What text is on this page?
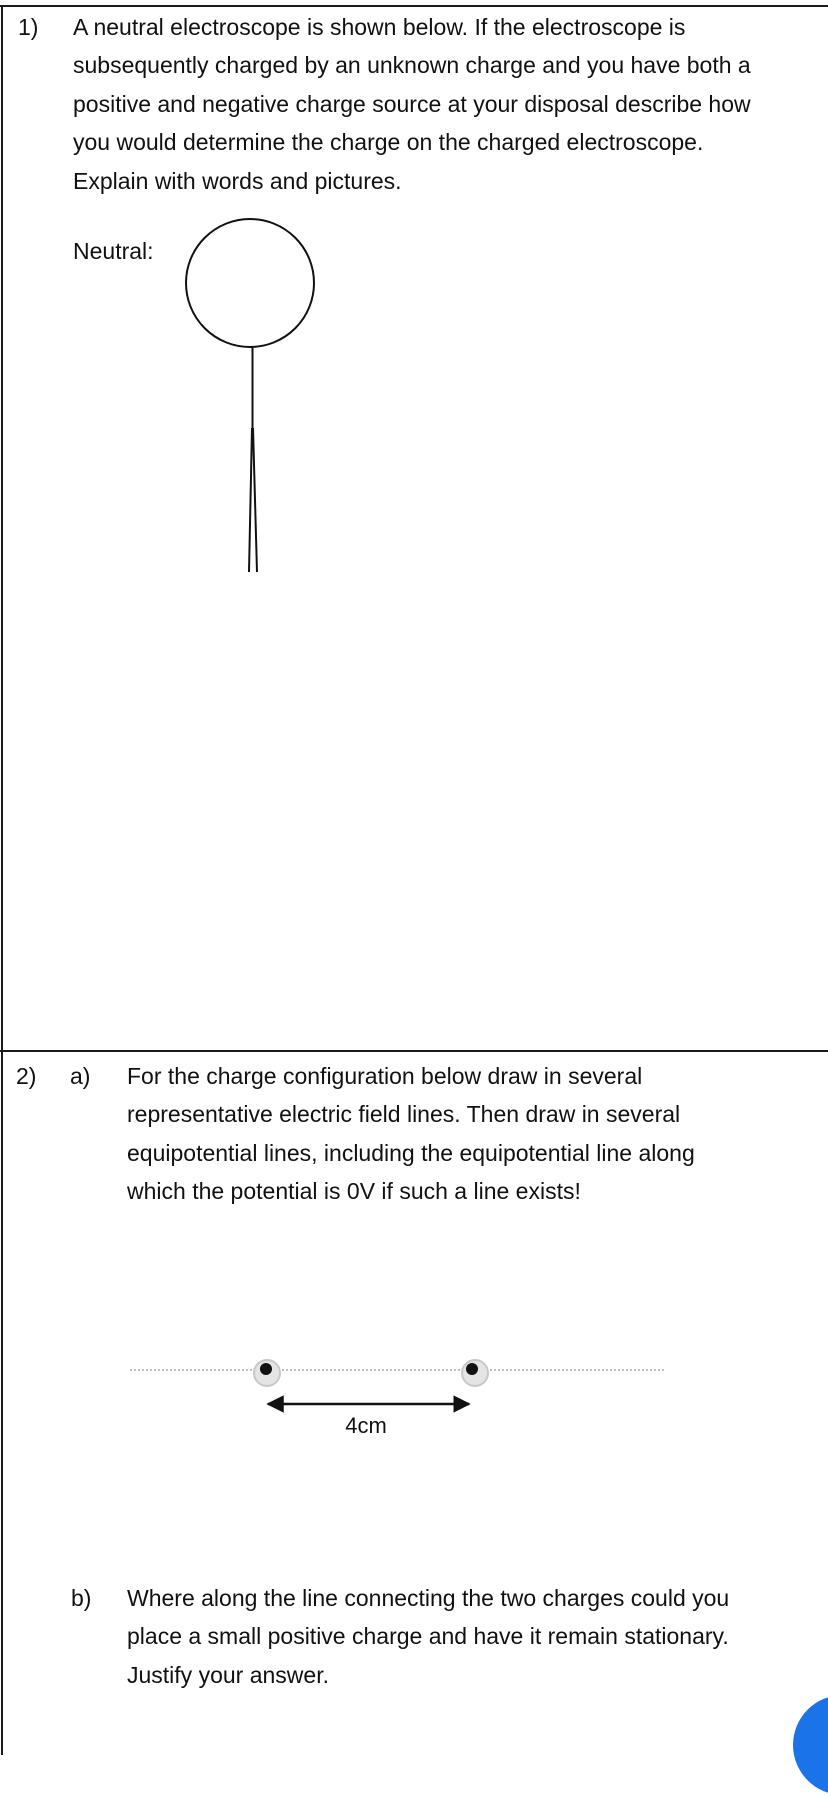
1) A neutral electroscope is shown below. If the electroscope is
subsequently charged by an unknown charge and you have both a
positive and negative charge source at your disposal describe how
you would determine the charge on the charged electroscope.
Explain with words and pictures.
Neutral:
2) a) For the charge configuration below draw in several
representative electric field lines. Then draw in several
equipotential lines, including the equipotential line along
which the potential is 0V if such a line exists!
b) Where along the line connecting the two charges could you
place a small positive charge and have it remain stationary.
Justify your answer.
4cm
